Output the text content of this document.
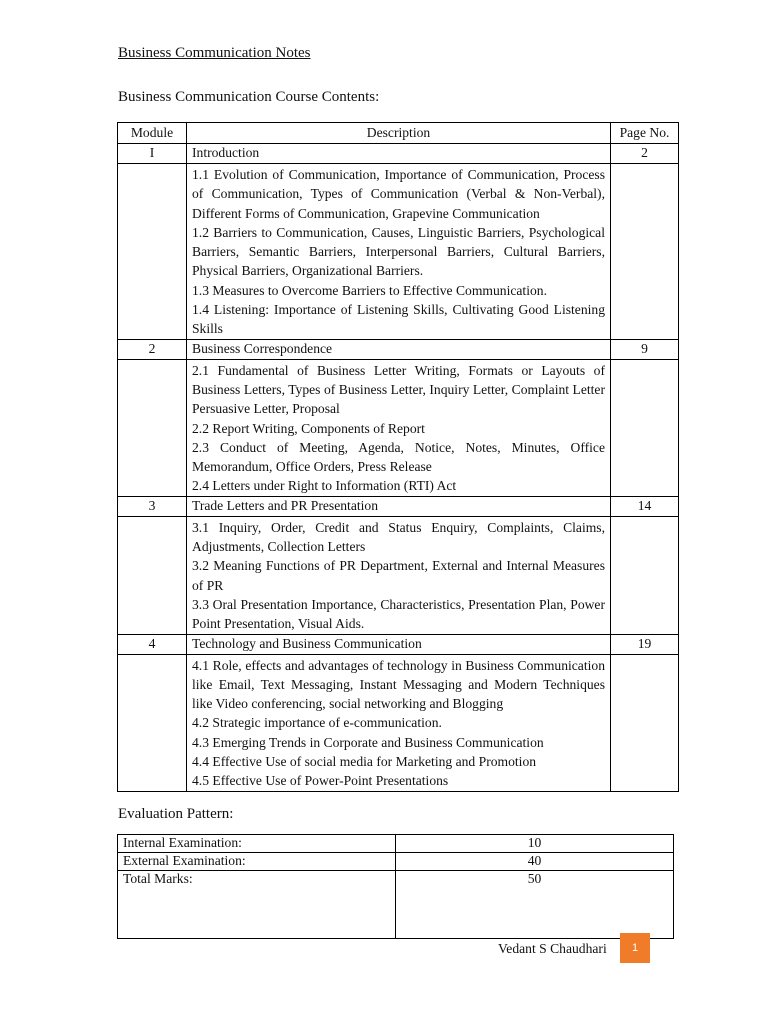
Business Communication Notes
Business Communication Course Contents:
Module	Description	Page No.
I	Introduction	2

	1.1 Evolution of Communication, Importance of Communication, Process of Communication, Types of Communication (Verbal & Non-Verbal), Different Forms of Communication, Grapevine Communication
1.2 Barriers to Communication, Causes, Linguistic Barriers, Psychological Barriers, Semantic Barriers, Interpersonal Barriers, Cultural Barriers, Physical Barriers, Organizational Barriers.
1.3 Measures to Overcome Barriers to Effective Communication.
1.4 Listening: Importance of Listening Skills, Cultivating Good Listening Skills	

2	Business Correspondence	9

	2.1 Fundamental of Business Letter Writing, Formats or Layouts of Business Letters, Types of Business Letter, Inquiry Letter, Complaint Letter Persuasive Letter, Proposal
2.2 Report Writing, Components of Report
2.3 Conduct of Meeting, Agenda, Notice, Notes, Minutes, Office Memorandum, Office Orders, Press Release
2.4 Letters under Right to Information (RTI) Act	

3	Trade Letters and PR Presentation	14

	3.1 Inquiry, Order, Credit and Status Enquiry, Complaints, Claims, Adjustments, Collection Letters
3.2 Meaning Functions of PR Department, External and Internal Measures of PR
3.3 Oral Presentation Importance, Characteristics, Presentation Plan, Power Point Presentation, Visual Aids.	

4	Technology and Business Communication	19

	4.1 Role, effects and advantages of technology in Business Communication like Email, Text Messaging, Instant Messaging and Modern Techniques like Video conferencing, social networking and Blogging
4.2 Strategic importance of e-communication.
4.3 Emerging Trends in Corporate and Business Communication
4.4 Effective Use of social media for Marketing and Promotion
4.5 Effective Use of Power-Point Presentations	

Evaluation Pattern:
Internal Examination:	10
External Examination:	40
Total Marks:	50
Vedant S Chaudhari	1
